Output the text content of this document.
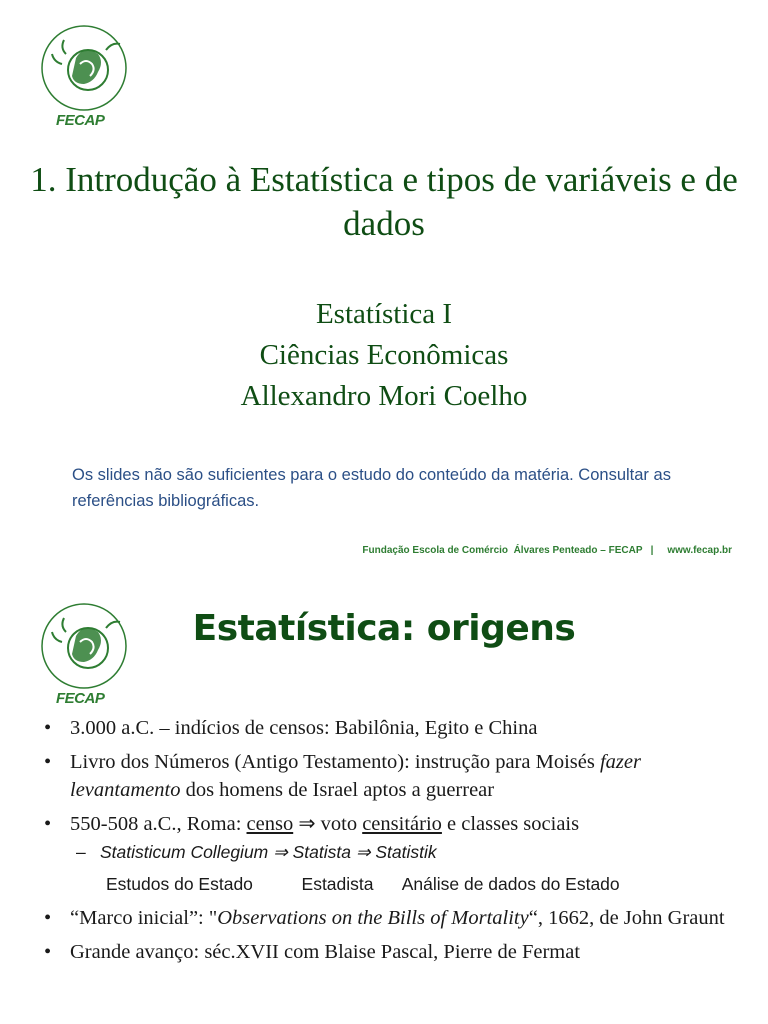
FECAP
1. Introdução à Estatística e tipos de variáveis e de dados
Estatística I
Ciências Econômicas
Allexandro Mori Coelho
Os slides não são suficientes para o estudo do conteúdo da matéria. Consultar as referências bibliográficas.
Fundação Escola de Comércio  Álvares Penteado – FECAP   |     www.fecap.br
FECAP
Estatística: origens
• 3.000 a.C. – indícios de censos: Babilônia, Egito e China
• Livro dos Números (Antigo Testamento): instrução para Moisés fazer levantamento dos homens de Israel aptos a guerrear
• 550-508 a.C., Roma: censo ⇒ voto censitário e classes sociais
– Statisticum Collegium ⇒ Statista ⇒ Statistik
Estudos do Estado          Estadista      Análise de dados do Estado
• “Marco inicial”: "Observations on the Bills of Mortality“, 1662, de John Graunt
• Grande avanço: séc.XVII com Blaise Pascal, Pierre de Fermat
